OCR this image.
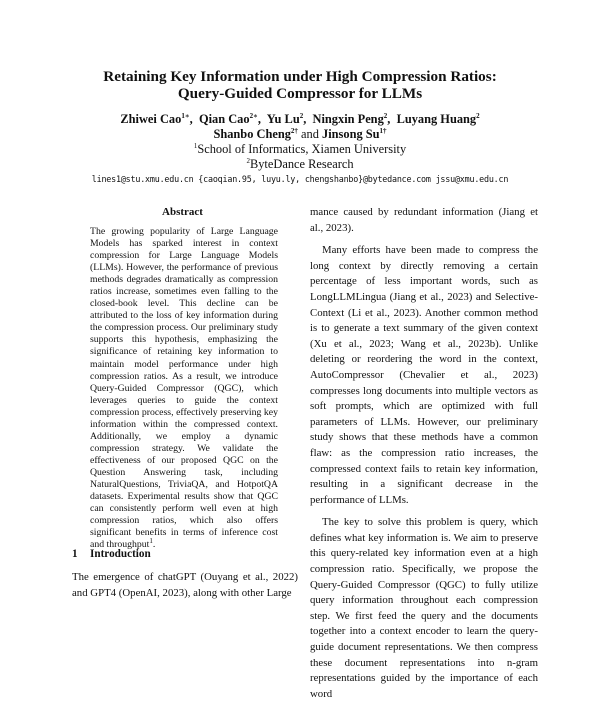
Retaining Key Information under High Compression Ratios:
Query-Guided Compressor for LLMs
Zhiwei Cao$^{1∗}$,  Qian Cao$^{2∗}$,  Yu Lu$^2$,  Ningxin Peng$^2$,  Luyang Huang$^2$
Shanbo Cheng$^{2\dagger}$ and Jinsong $Su^{1\dagger}$
$^1$School of Informatics, Xiamen University
$^2$ByteDance Research
lines1@stu.xmu.edu.cn {caoqian.95, luyu.ly, chengshanbo}@bytedance.com jssu@xmu.edu.cn
Abstract

The growing popularity of Large Language Models has sparked interest in context compression for Large Language Models (LLMs). However, the performance of previous methods degrades dramatically as compression ratios increase, sometimes even falling to the closed-book level. This decline can be attributed to the loss of key information during the compression process. Our preliminary study supports this hypothesis, emphasizing the significance of retaining key information to maintain model performance under high compression ratios. As a result, we introduce Query-Guided Compressor (QGC), which leverages queries to guide the context compression process, effectively preserving key information within the compressed context. Additionally, we employ a dynamic compression strategy. We validate the effectiveness of our proposed QGC on the Question Answering task, including NaturalQuestions, TriviaQA, and HotpotQA datasets. Experimental results show that QGC can consistently perform well even at high compression ratios, which also offers significant benefits in terms of inference cost and throughput$^1$.

1 Introduction

The emergence of chatGPT (Ouyang et al., 2022) and GPT4 (OpenAI, 2023), along with other Large

mance caused by redundant information (Jiang et al., 2023).

Many efforts have been made to compress the long context by directly removing a certain percentage of less important words, such as LongLLMLingua (Jiang et al., 2023) and Selective-Context (Li et al., 2023). Another common method is to generate a text summary of the given context (Xu et al., 2023; Wang et al., 2023b). Unlike deleting or reordering the word in the context, AutoCompressor (Chevalier et al., 2023) compresses long documents into multiple vectors as soft prompts, which are optimized with full parameters of LLMs. However, our preliminary study shows that these methods have a common flaw: as the compression ratio increases, the compressed context fails to retain key information, resulting in a significant decrease in the performance of LLMs.

The key to solve this problem is query, which defines what key information is. We aim to preserve this query-related key information even at a high compression ratio. Specifically, we propose the Query-Guided Compressor (QGC) to fully utilize query information throughout each compression step. We first feed the query and the documents together into a context encoder to learn the query-guide document representations. We then compress these document representations into n-gram representations guided by the importance of each word
